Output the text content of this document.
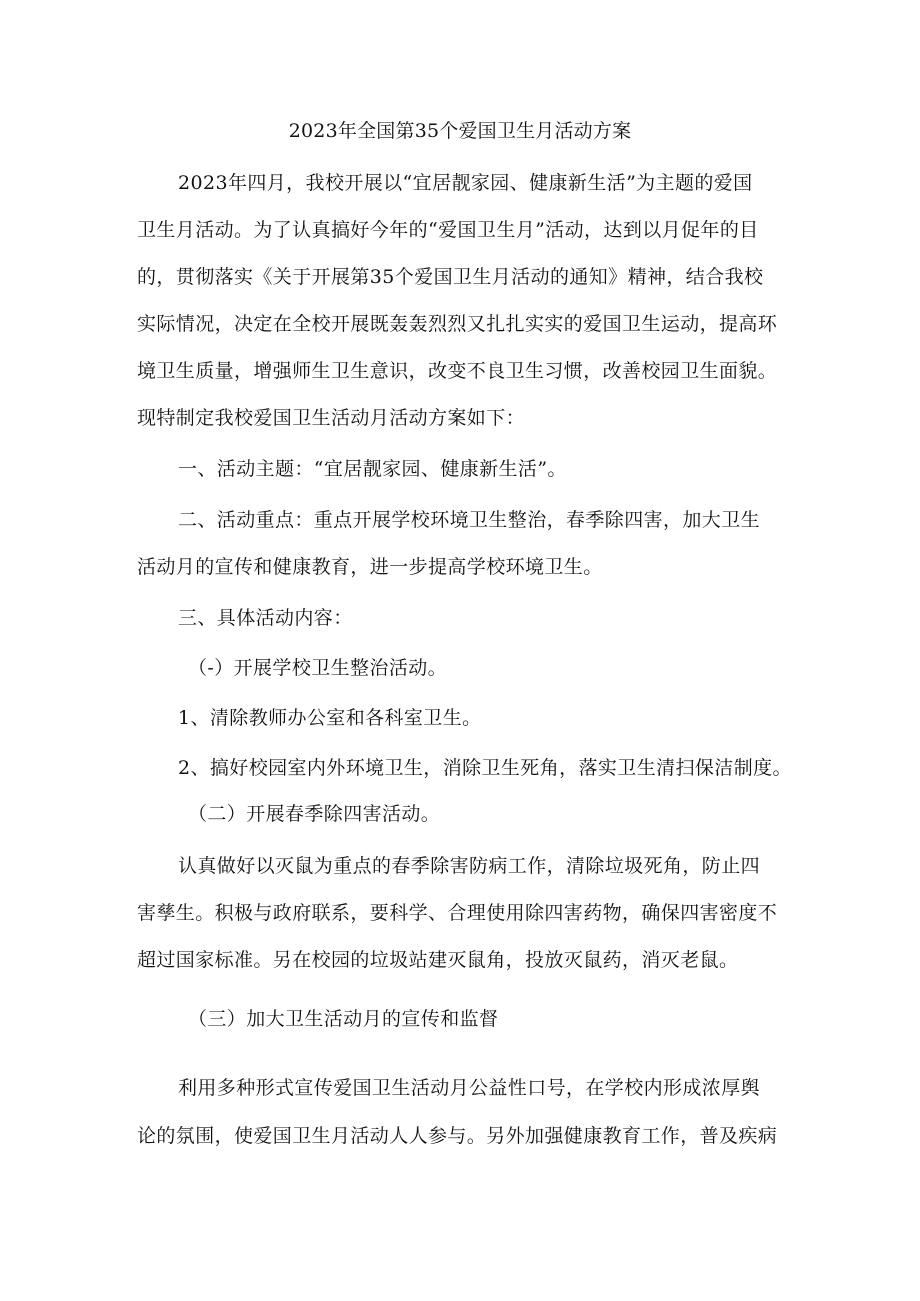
2023年全国第35个爱国卫生月活动方案
2023年四月，我校开展以“宜居靓家园、健康新生活”为主题的爱国
卫生月活动。为了认真搞好今年的“爱国卫生月”活动，达到以月促年的目
的，贯彻落实《关于开展第35个爱国卫生月活动的通知》精神，结合我校
实际情况，决定在全校开展既轰轰烈烈又扎扎实实的爱国卫生运动，提高环
境卫生质量，增强师生卫生意识，改变不良卫生习惯，改善校园卫生面貌。
现特制定我校爱国卫生活动月活动方案如下：
一、活动主题：“宜居靓家园、健康新生活”。
二、活动重点：重点开展学校环境卫生整治，春季除四害，加大卫生
活动月的宣传和健康教育，进一步提高学校环境卫生。
三、具体活动内容：
（-）开展学校卫生整治活动。
1、清除教师办公室和各科室卫生。
2、搞好校园室内外环境卫生，消除卫生死角，落实卫生清扫保洁制度。
（二）开展春季除四害活动。
认真做好以灭鼠为重点的春季除害防病工作，清除垃圾死角，防止四
害孳生。积极与政府联系，要科学、合理使用除四害药物，确保四害密度不
超过国家标准。另在校园的垃圾站建灭鼠角，投放灭鼠药，消灭老鼠。
（三）加大卫生活动月的宣传和监督
利用多种形式宣传爱国卫生活动月公益性口号，在学校内形成浓厚舆
论的氛围，使爱国卫生月活动人人参与。另外加强健康教育工作，普及疾病
